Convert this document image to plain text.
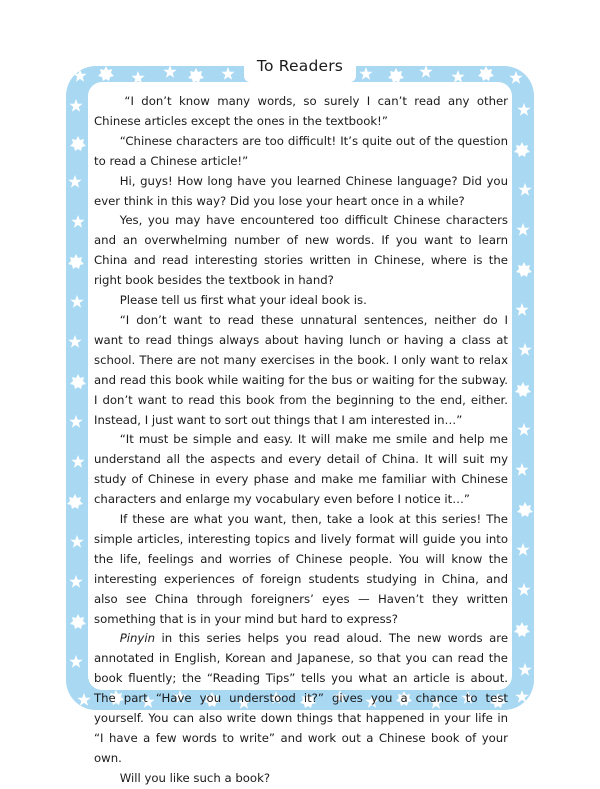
To Readers

“I don’t know many words, so surely I can’t read any other Chinese articles except the ones in the textbook!”

“Chinese characters are too difficult! It’s quite out of the question to read a Chinese article!”

Hi, guys! How long have you learned Chinese language? Did you ever think in this way? Did you lose your heart once in a while?

Yes, you may have encountered too difficult Chinese characters and an overwhelming number of new words. If you want to learn China and read interesting stories written in Chinese, where is the right book besides the textbook in hand?

Please tell us first what your ideal book is.

“I don’t want to read these unnatural sentences, neither do I want to read things always about having lunch or having a class at school. There are not many exercises in the book. I only want to relax and read this book while waiting for the bus or waiting for the subway. I don’t want to read this book from the beginning to the end, either. Instead, I just want to sort out things that I am interested in…”

“It must be simple and easy. It will make me smile and help me understand all the aspects and every detail of China. It will suit my study of Chinese in every phase and make me familiar with Chinese characters and enlarge my vocabulary even before I notice it…”

If these are what you want, then, take a look at this series! The simple articles, interesting topics and lively format will guide you into the life, feelings and worries of Chinese people. You will know the interesting experiences of foreign students studying in China, and also see China through foreigners’ eyes — Haven’t they written something that is in your mind but hard to express?

Pinyin in this series helps you read aloud. The new words are annotated in English, Korean and Japanese, so that you can read the book fluently; the “Reading Tips” tells you what an article is about. The part “Have you understood it?” gives you a chance to test yourself. You can also write down things that happened in your life in “I have a few words to write” and work out a Chinese book of your own.

Will you like such a book?
